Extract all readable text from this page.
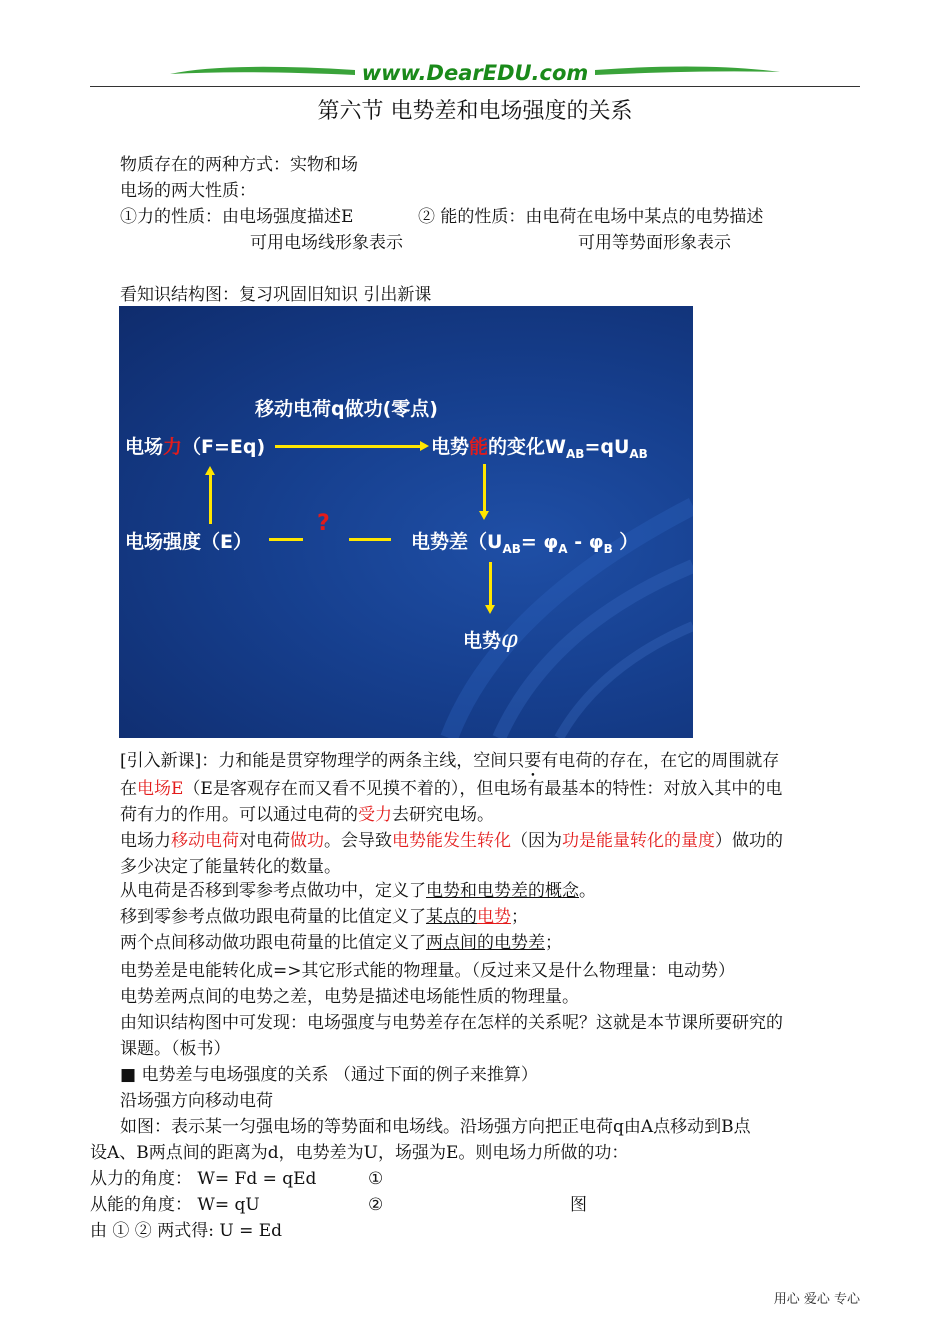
www.DearEDU.com
第六节 电势差和电场强度的关系
物质存在的两种方式：实物和场
电场的两大性质：
①力的性质：由电场强度描述E	② 能的性质：由电荷在电场中某点的电势描述
可用电场线形象表示	可用等势面形象表示
看知识结构图：复习巩固旧知识 引出新课
移动电荷q做功(零点)
电场力（F=Eq)	电势能的变化$W_{AB}=qU_{AB}$
电场强度（E）
?
电势差（$U_{AB}= \varphi_A - \varphi_B$ ）
电势φ
[引入新课]：力和能是贯穿物理学的两条主线，空间只要有电荷的存在，在它的周围就存
在电场E（E是客观存在而又看不见摸不着的），但电场有最基本的特性：对放入其中的电
荷有力的作用。可以通过电荷的受力去研究电场。
电场力移动电荷对电荷做功。会导致电势能发生转化（因为功是能量转化的量度）做功的
多少决定了能量转化的数量。
从电荷是否移到零参考点做功中，定义了电势和电势差的概念。
移到零参考点做功跟电荷量的比值定义了某点的电势；
两个点间移动做功跟电荷量的比值定义了两点间的电势差；
电势差是电能转化成=>其它形式能的物理量。（反过来又是什么物理量：电动势）
电势差两点间的电势之差，电势是描述电场能性质的物理量。
由知识结构图中可发现：电场强度与电势差存在怎样的关系呢？这就是本节课所要研究的
课题。（板书）
■ 电势差与电场强度的关系 （通过下面的例子来推算）
沿场强方向移动电荷
如图：表示某一匀强电场的等势面和电场线。沿场强方向把正电荷q由A点移动到B点
设A、B两点间的距离为d，电势差为U，场强为E。则电场力所做的功：
从力的角度： W= Fd = qEd	①
从能的角度： W= qU	②	图
由 ① ② 两式得: U = Ed
用心 爱心 专心
